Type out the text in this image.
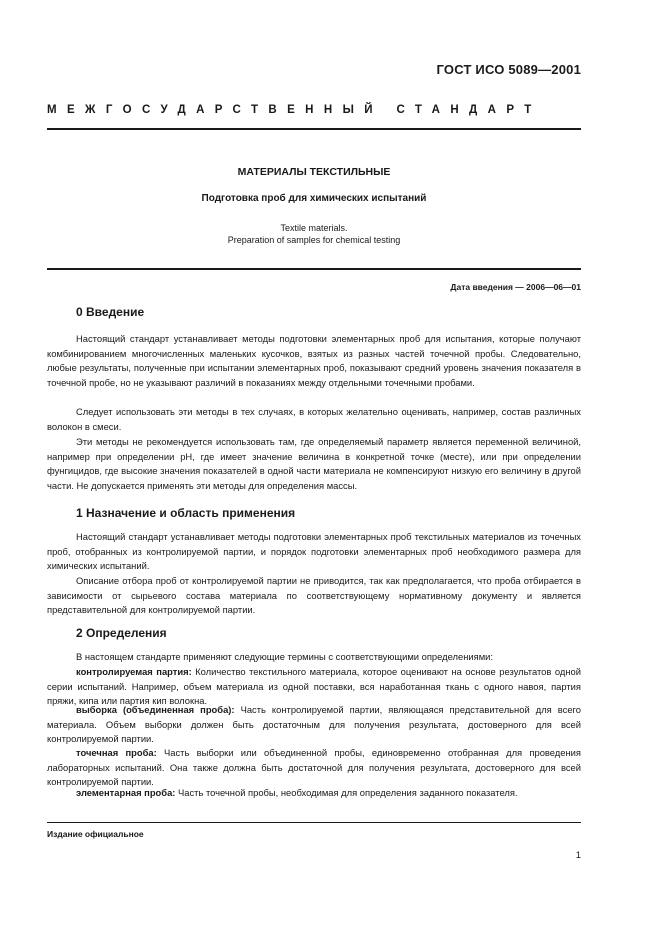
ГОСТ ИСО 5089—2001
МЕЖГОСУДАРСТВЕННЫЙ СТАНДАРТ
МАТЕРИАЛЫ ТЕКСТИЛЬНЫЕ
Подготовка проб для химических испытаний
Textile materials.
Preparation of samples for chemical testing
Дата введения — 2006—06—01
0 Введение

Настоящий стандарт устанавливает методы подготовки элементарных проб для испытания, которые получают комбинированием многочисленных маленьких кусочков, взятых из разных частей точечной пробы. Следовательно, любые результаты, полученные при испытании элементарных проб, показывают средний уровень значения показателя в точечной пробе, но не указывают различий в показаниях между отдельными точечными пробами.

Следует использовать эти методы в тех случаях, в которых желательно оценивать, например, состав различных волокон в смеси.

Эти методы не рекомендуется использовать там, где определяемый параметр является переменной величиной, например при определении рН, где имеет значение величина в конкретной точке (месте), или при определении фунгицидов, где высокие значения показателей в одной части материала не компенсируют низкую его величину в другой части. Не допускается применять эти методы для определения массы.

1 Назначение и область применения

Настоящий стандарт устанавливает методы подготовки элементарных проб текстильных материалов из точечных проб, отобранных из контролируемой партии, и порядок подготовки элементарных проб необходимого размера для химических испытаний.

Описание отбора проб от контролируемой партии не приводится, так как предполагается, что проба отбирается в зависимости от сырьевого состава материала по соответствующему нормативному документу и является представительной для контролируемой партии.

2 Определения

В настоящем стандарте применяют следующие термины с соответствующими определениями:

контролируемая партия: Количество текстильного материала, которое оценивают на основе результатов одной серии испытаний. Например, объем материала из одной поставки, вся наработанная ткань с одного навоя, партия пряжи, кипа или партия кип волокна.

выборка (объединенная проба): Часть контролируемой партии, являющаяся представительной для всего материала. Объем выборки должен быть достаточным для получения результата, достоверного для всей контролируемой партии.

точечная проба: Часть выборки или объединенной пробы, единовременно отобранная для проведения лабораторных испытаний. Она также должна быть достаточной для получения результата, достоверного для всей контролируемой партии.

элементарная проба: Часть точечной пробы, необходимая для определения заданного показателя.

Издание официальное
1
